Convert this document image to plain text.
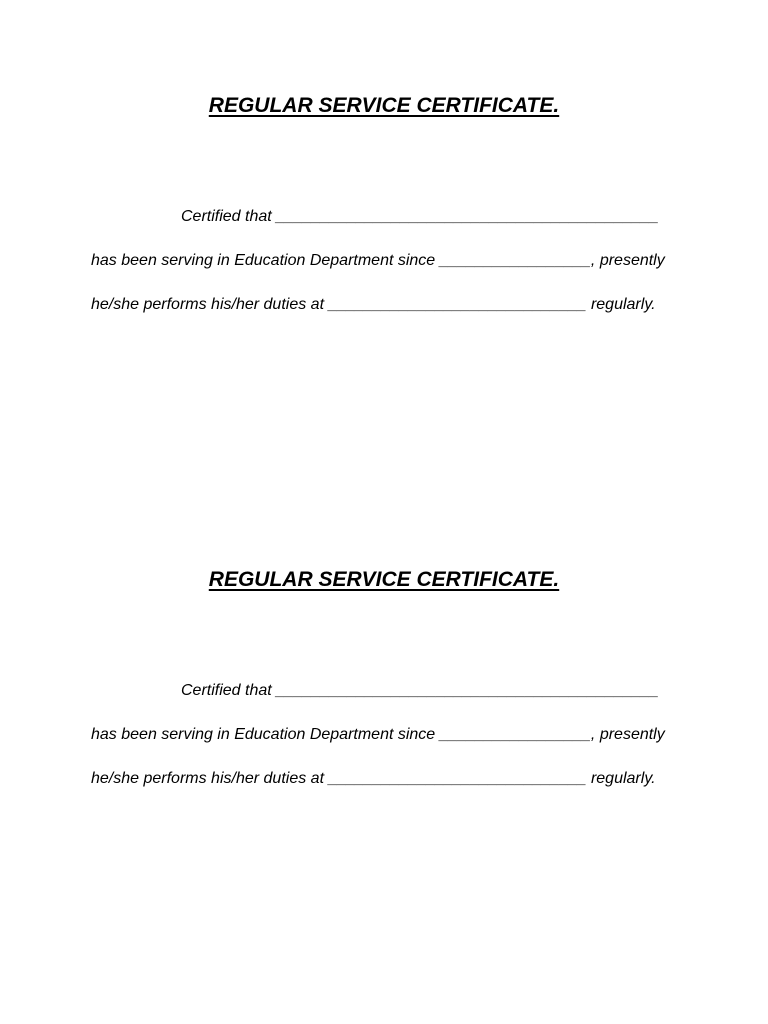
REGULAR SERVICE CERTIFICATE.

Certified that ___________________________________________

has been serving in Education Department since _________________, presently

he/she performs his/her duties at _____________________________ regularly.

REGULAR SERVICE CERTIFICATE.

Certified that ___________________________________________

has been serving in Education Department since _________________, presently

he/she performs his/her duties at _____________________________ regularly.
